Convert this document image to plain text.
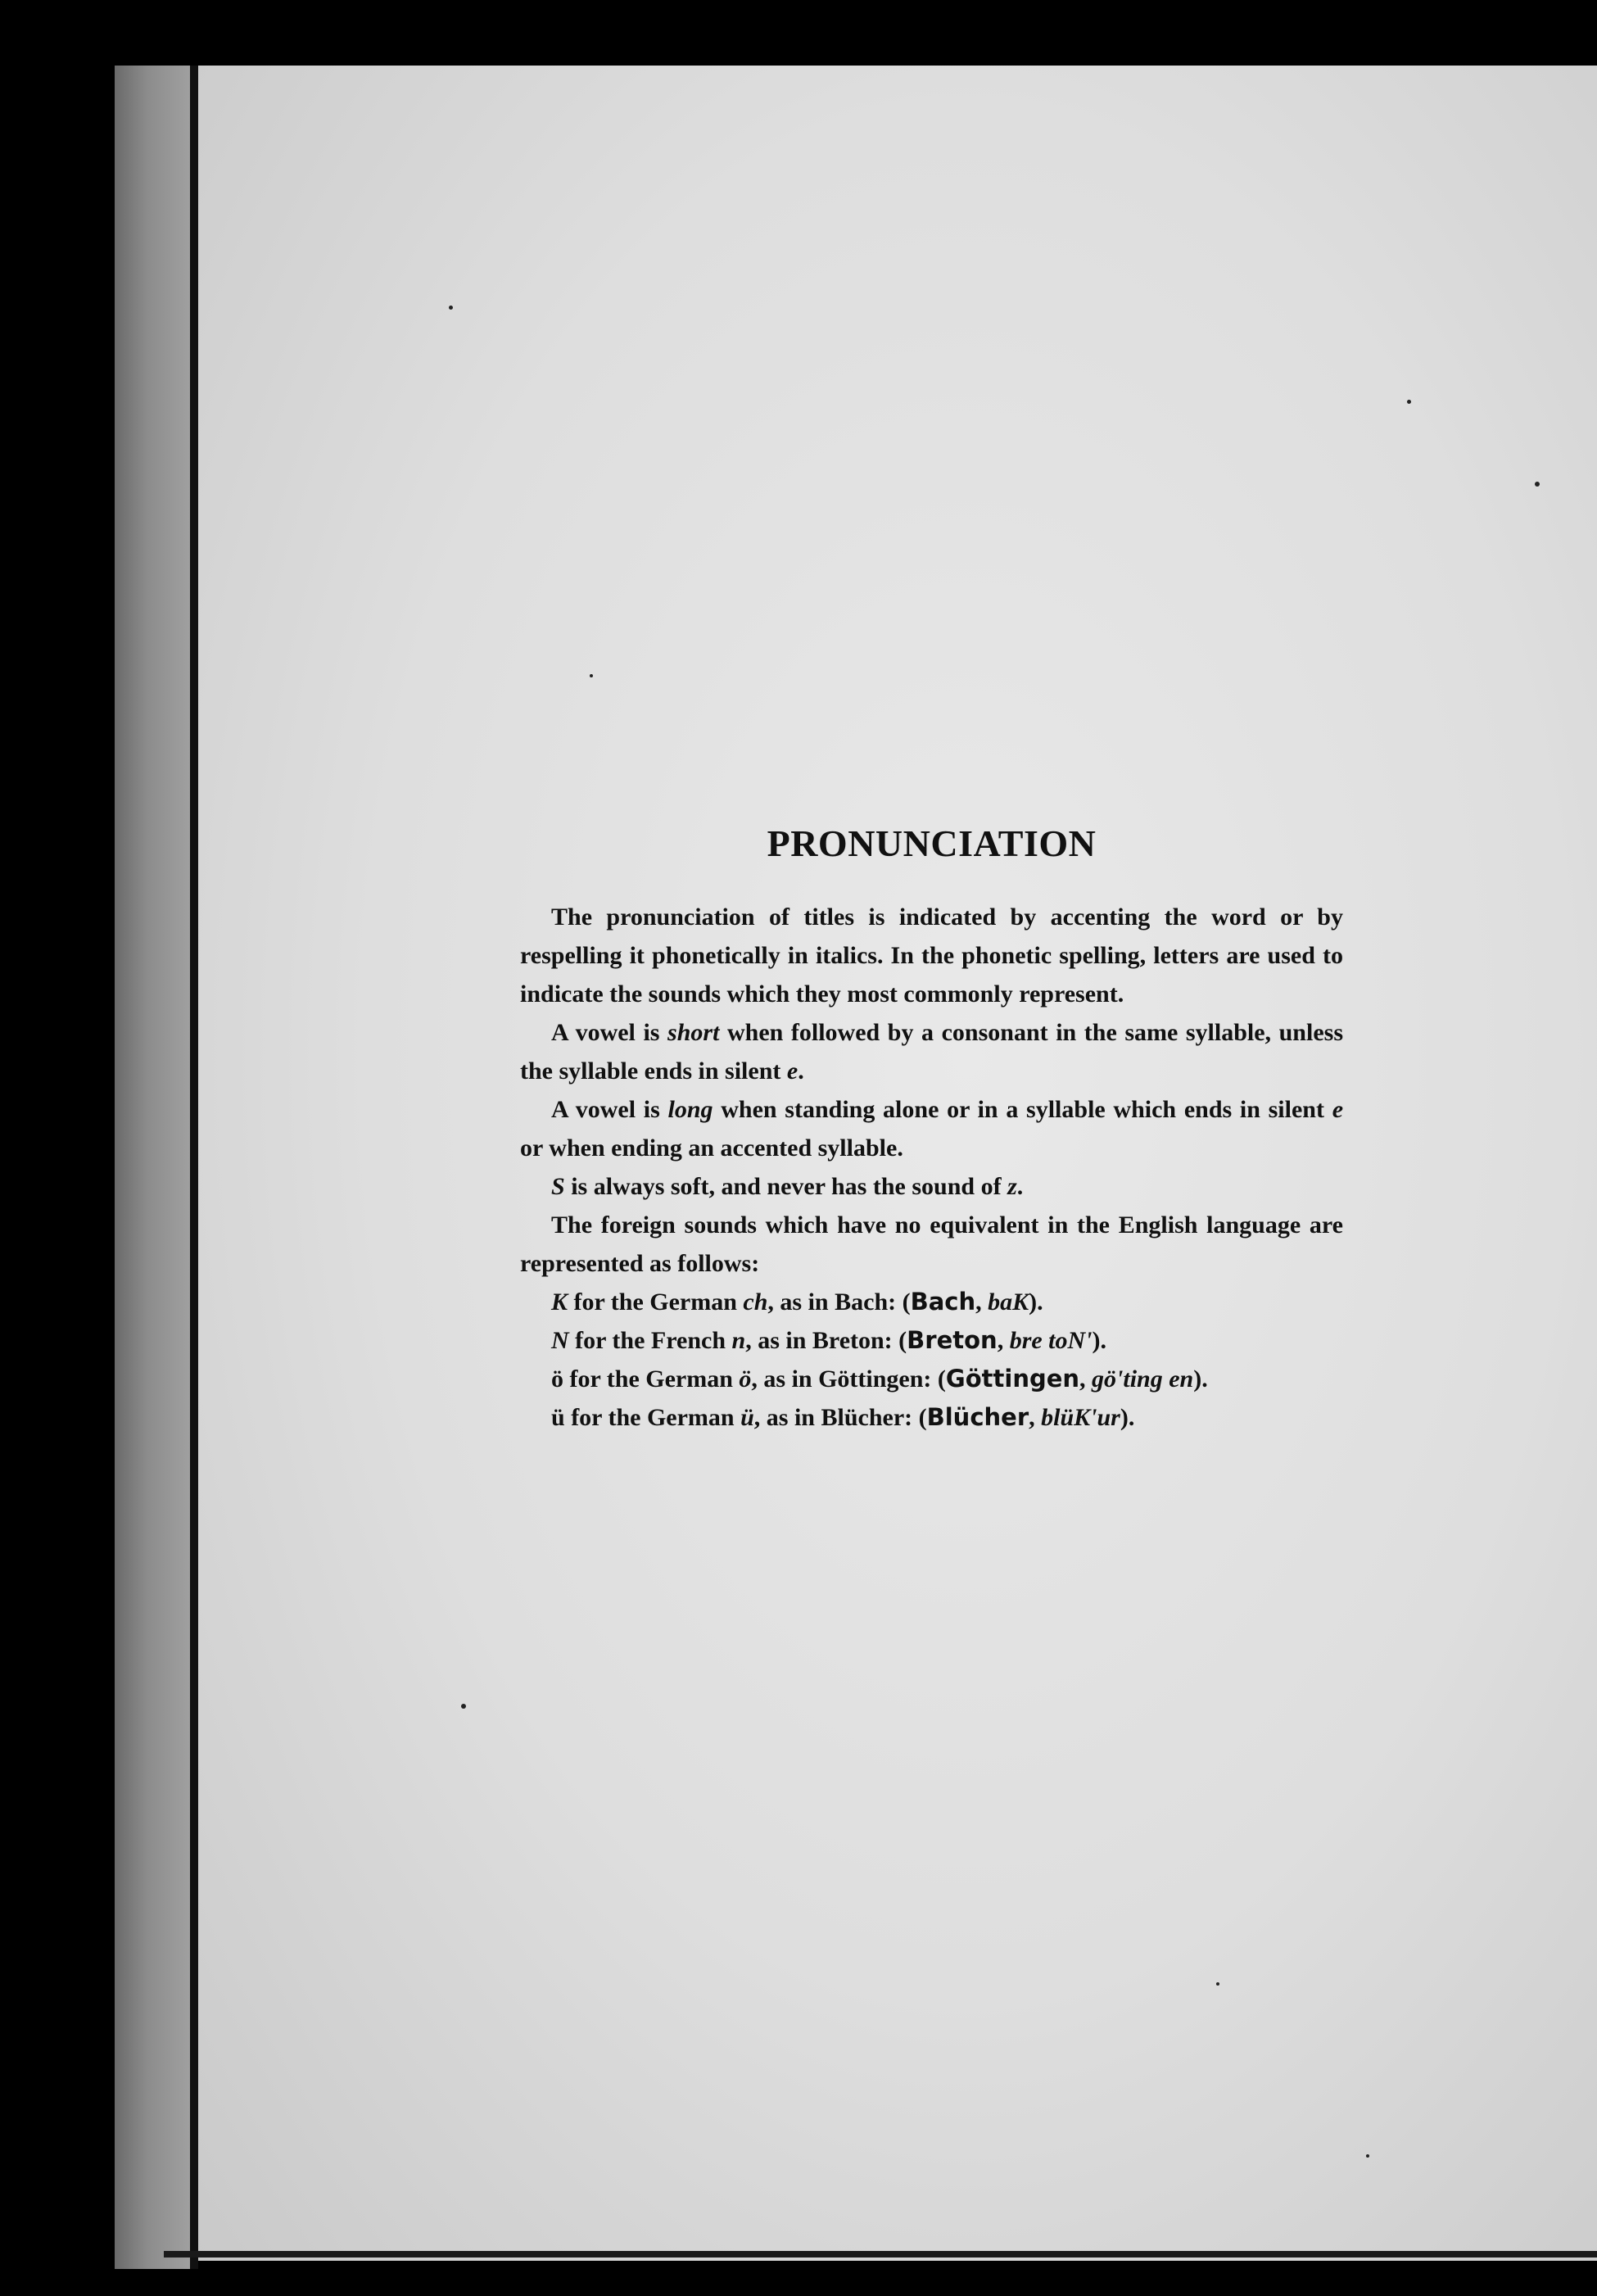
PRONUNCIATION

The pronunciation of titles is indicated by accenting the word or by respelling it phonetically in italics. In the phonetic spelling, letters are used to indicate the sounds which they most commonly represent.

A vowel is short when followed by a consonant in the same syllable, unless the syllable ends in silent e.

A vowel is long when standing alone or in a syllable which ends in silent e or when ending an accented syllable.

S is always soft, and never has the sound of z.

The foreign sounds which have no equivalent in the English language are represented as follows:

K for the German ch, as in Bach: (Bach, baK).
N for the French n, as in Breton: (Breton, bre toN').
ö for the German ö, as in Göttingen: (Göttingen, gö'ting en).
ü for the German ü, as in Blücher: (Blücher, blüK'ur).
